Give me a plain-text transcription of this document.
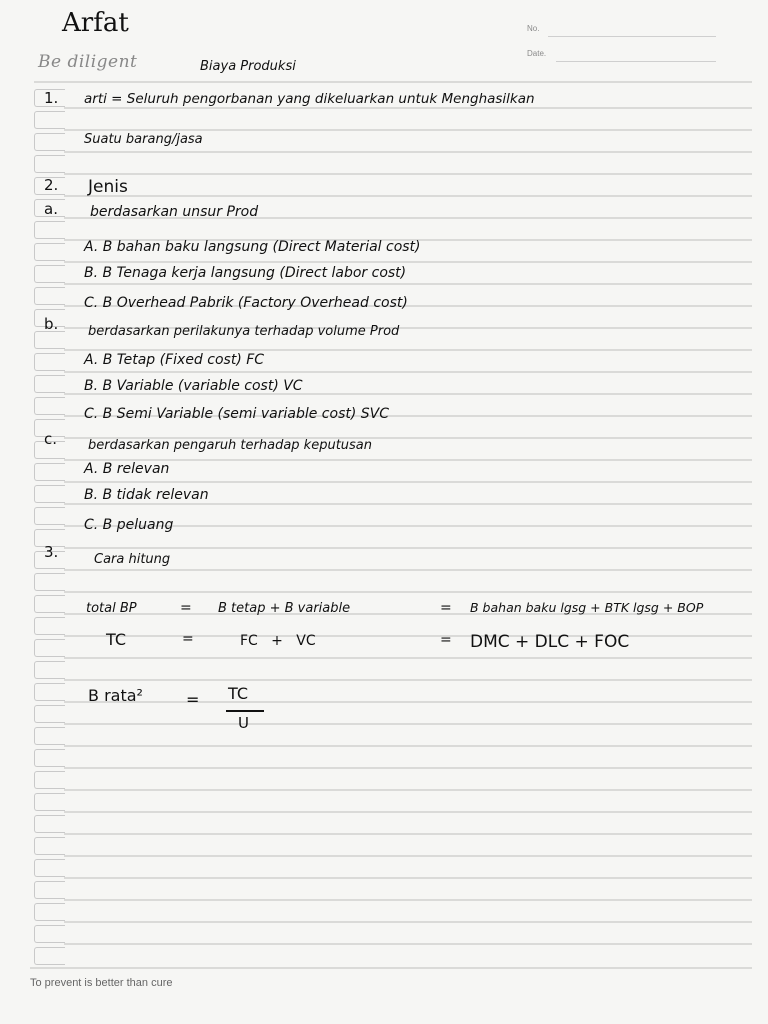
Arfat
Be diligent	Biaya Produksi
No.
Date.
1. arti = Seluruh pengorbanan yang dikeluarkan untuk Menghasilkan
Suatu barang/jasa
2. Jenis
a. berdasarkan unsur Prod
A. B bahan baku langsung (Direct Material cost)
B. B Tenaga kerja langsung (Direct labor cost)
C. B Overhead Pabrik (Factory Overhead cost)
b. berdasarkan perilakunya terhadap volume Prod
A. B Tetap (Fixed cost) FC
B. B Variable (variable cost) VC
C. B Semi Variable (semi variable cost) SVC
c. berdasarkan pengaruh terhadap keputusan
A. B relevan
B. B tidak relevan
C. B peluang
3.	Cara hitung
total BP	= B tetap + B variable	= B bahan baku lgsg + BTK lgsg + BOP
TC	=	FC   +   VC	= DMC + DLC + FOC
B rata²	= TC
U
To prevent is better than cure
